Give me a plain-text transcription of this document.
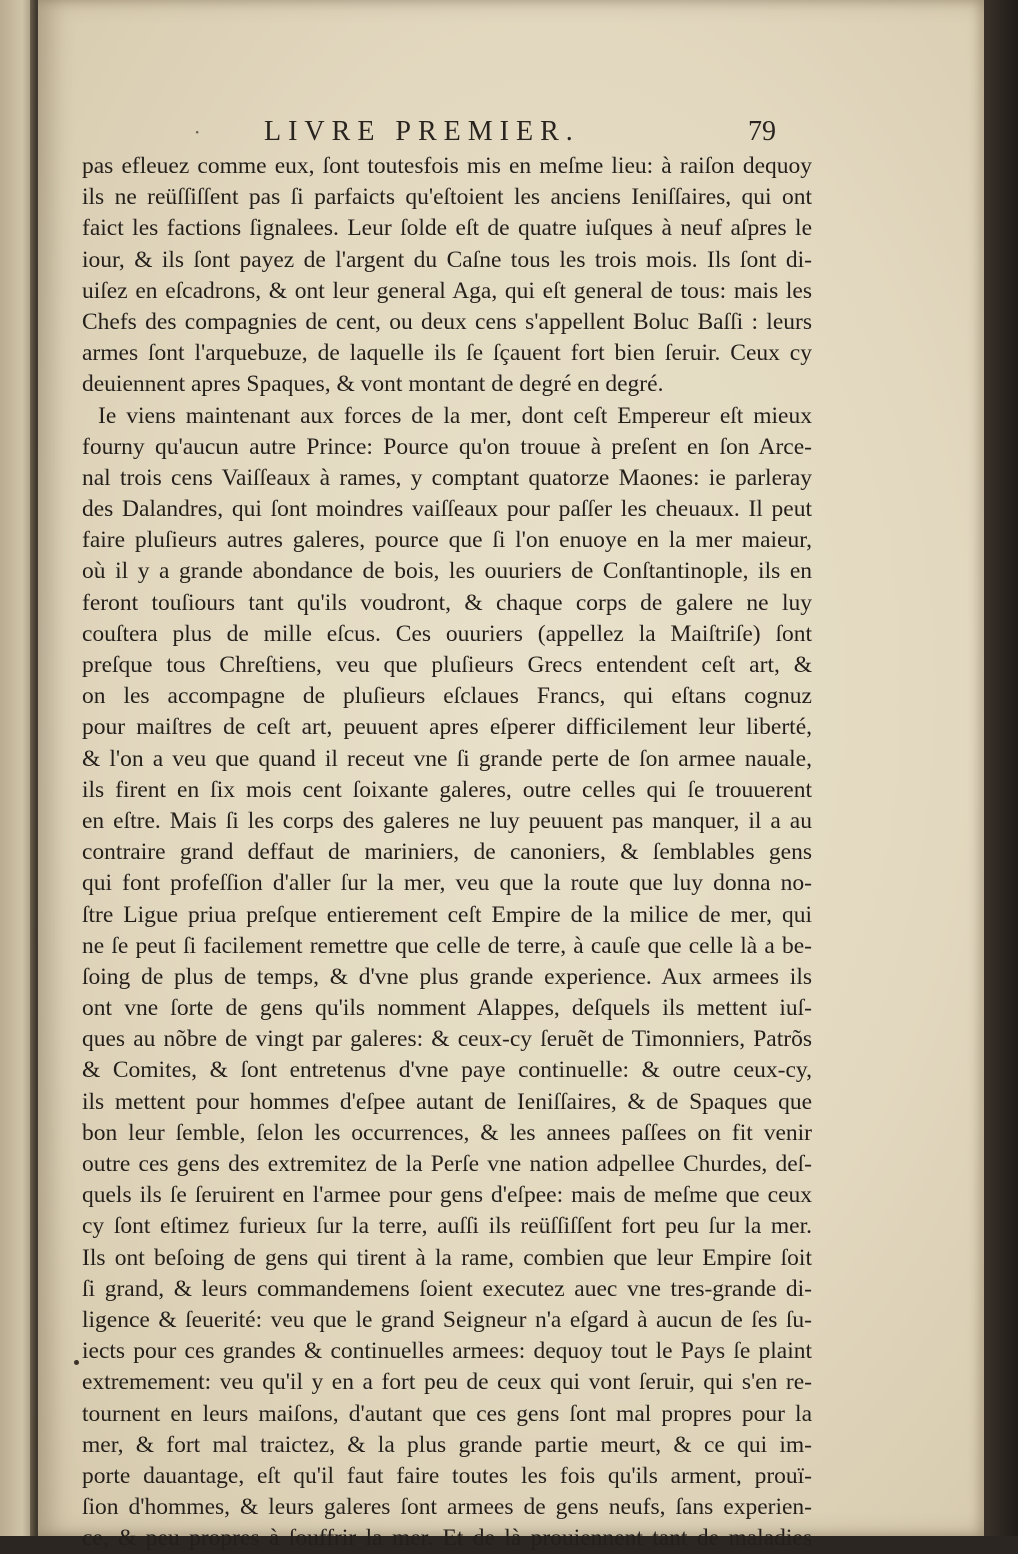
· LIVRE PREMIER.	79
pas efleuez comme eux, ſont toutesfois mis en meſme lieu: à raiſon dequoy
ils ne reüſſiſſent pas ſi parfaicts qu'eſtoient les anciens Ieniſſaires, qui ont
faict les factions ſignalees. Leur ſolde eſt de quatre iuſques à neuf aſpres le
iour, & ils ſont payez de l'argent du Caſne tous les trois mois. Ils ſont di-
uiſez en eſcadrons, & ont leur general Aga, qui eſt general de tous: mais les
Chefs des compagnies de cent, ou deux cens s'appellent Boluc Baſſi : leurs
armes ſont l'arquebuze, de laquelle ils ſe ſçauent fort bien ſeruir. Ceux cy
deuiennent apres Spaques, & vont montant de degré en degré.
Ie viens maintenant aux forces de la mer, dont ceſt Empereur eſt mieux
fourny qu'aucun autre Prince: Pource qu'on trouue à preſent en ſon Arce-
nal trois cens Vaiſſeaux à rames, y comptant quatorze Maones: ie parleray
des Dalandres, qui ſont moindres vaiſſeaux pour paſſer les cheuaux. Il peut
faire pluſieurs autres galeres, pource que ſi l'on enuoye en la mer maieur,
où il y a grande abondance de bois, les ouuriers de Conſtantinople, ils en
feront touſiours tant qu'ils voudront, & chaque corps de galere ne luy
couſtera plus de mille eſcus. Ces ouuriers (appellez la Maiſtriſe) ſont
preſque tous Chreſtiens, veu que pluſieurs Grecs entendent ceſt art, &
on les accompagne de pluſieurs eſclaues Francs, qui eſtans cognuz
pour maiſtres de ceſt art, peuuent apres eſperer difficilement leur liberté,
& l'on a veu que quand il receut vne ſi grande perte de ſon armee nauale,
ils firent en ſix mois cent ſoixante galeres, outre celles qui ſe trouuerent
en eſtre. Mais ſi les corps des galeres ne luy peuuent pas manquer, il a au
contraire grand deffaut de mariniers, de canoniers, & ſemblables gens
qui font profeſſion d'aller ſur la mer, veu que la route que luy donna no-
ſtre Ligue priua preſque entierement ceſt Empire de la milice de mer, qui
ne ſe peut ſi facilement remettre que celle de terre, à cauſe que celle là a be-
ſoing de plus de temps, & d'vne plus grande experience. Aux armees ils
ont vne ſorte de gens qu'ils nomment Alappes, deſquels ils mettent iuſ-
ques au nõbre de vingt par galeres: & ceux-cy ſeruẽt de Timonniers, Patrõs
& Comites, & ſont entretenus d'vne paye continuelle: & outre ceux-cy,
ils mettent pour hommes d'eſpee autant de Ieniſſaires, & de Spaques que
bon leur ſemble, ſelon les occurrences, & les annees paſſees on fit venir
outre ces gens des extremitez de la Perſe vne nation adpellee Churdes, deſ-
quels ils ſe ſeruirent en l'armee pour gens d'eſpee: mais de meſme que ceux
cy ſont eſtimez furieux ſur la terre, auſſi ils reüſſiſſent fort peu ſur la mer.
Ils ont beſoing de gens qui tirent à la rame, combien que leur Empire ſoit
ſi grand, & leurs commandemens ſoient executez auec vne tres-grande di-
ligence & ſeuerité: veu que le grand Seigneur n'a eſgard à aucun de ſes ſu-
iects pour ces grandes & continuelles armees: dequoy tout le Pays ſe plaint
extremement: veu qu'il y en a fort peu de ceux qui vont ſeruir, qui s'en re-
tournent en leurs maiſons, d'autant que ces gens ſont mal propres pour la
mer, & fort mal traictez, & la plus grande partie meurt, & ce qui im-
porte dauantage, eſt qu'il faut faire toutes les fois qu'ils arment, prouï-
ſion d'hommes, & leurs galeres ſont armees de gens neufs, ſans experien-
ce, & peu propres à ſouffrir la mer. Et de là prouiennent tant de maladies
